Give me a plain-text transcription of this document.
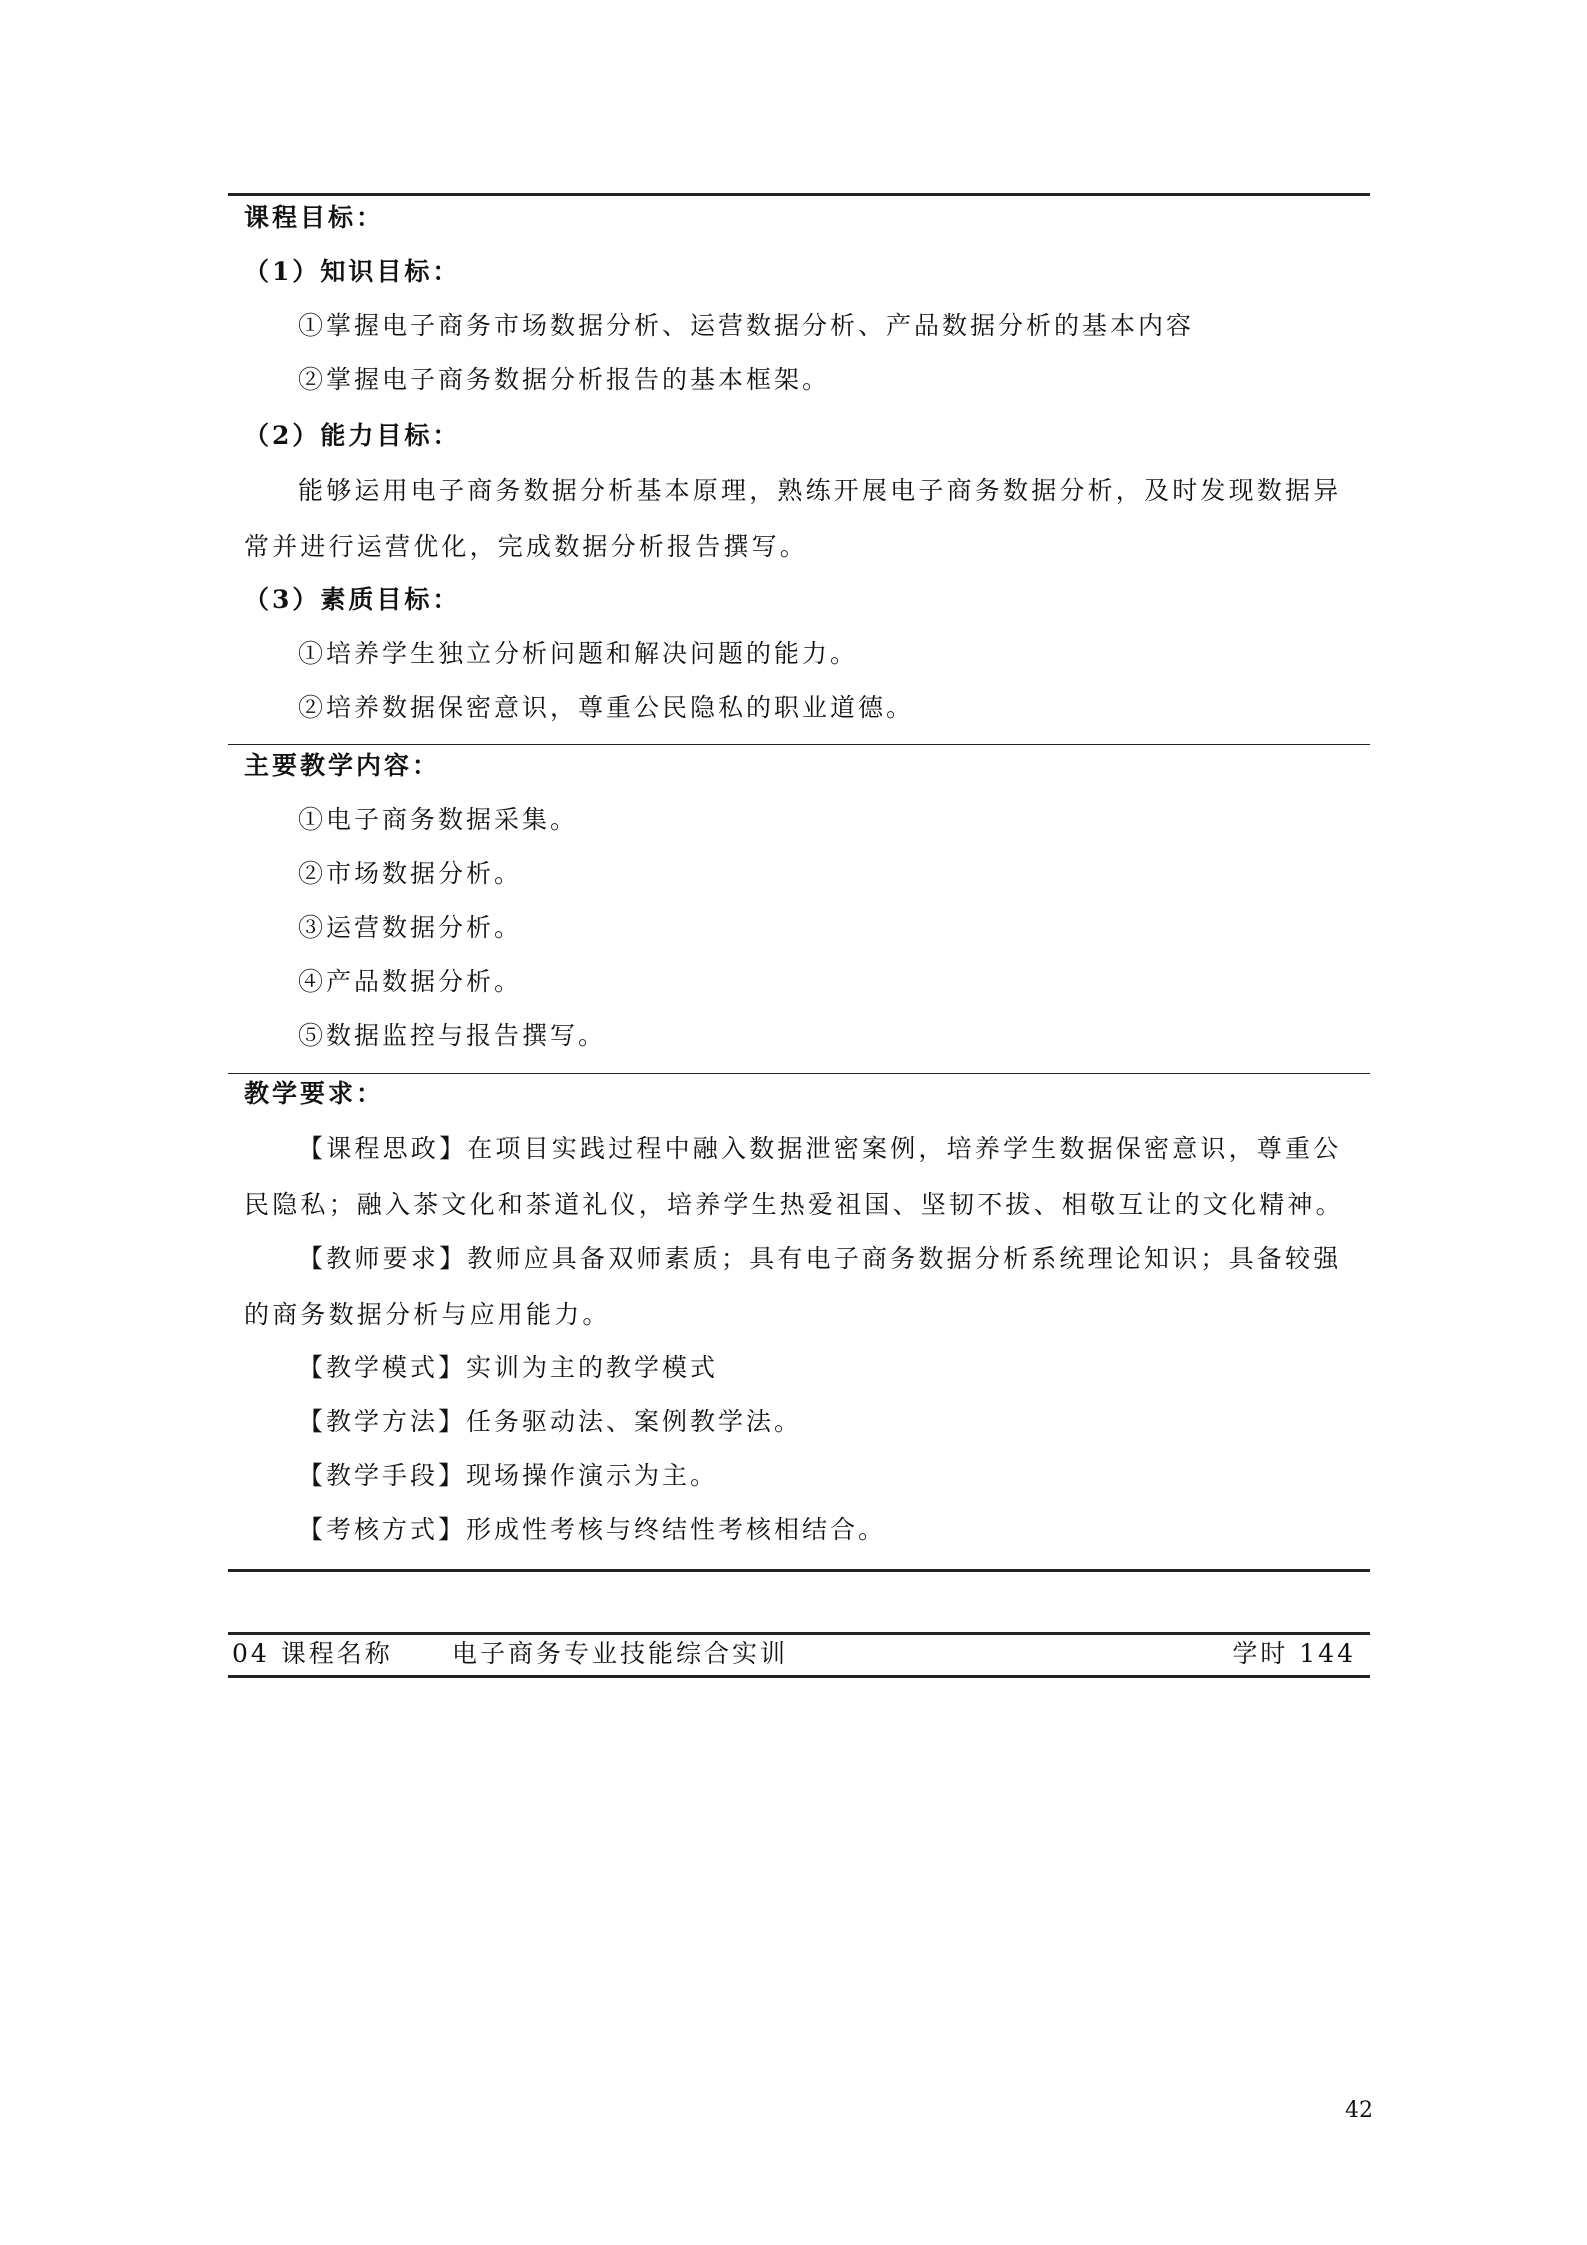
课程目标：
（1）知识目标：
①掌握电子商务市场数据分析、运营数据分析、产品数据分析的基本内容
②掌握电子商务数据分析报告的基本框架。
（2）能力目标：
能够运用电子商务数据分析基本原理，熟练开展电子商务数据分析，及时发现数据异常并进行运营优化，完成数据分析报告撰写。
（3）素质目标：
①培养学生独立分析问题和解决问题的能力。
②培养数据保密意识，尊重公民隐私的职业道德。
主要教学内容：
①电子商务数据采集。
②市场数据分析。
③运营数据分析。
④产品数据分析。
⑤数据监控与报告撰写。
教学要求：
【课程思政】在项目实践过程中融入数据泄密案例，培养学生数据保密意识，尊重公民隐私；融入茶文化和茶道礼仪，培养学生热爱祖国、坚韧不拔、相敬互让的文化精神。
【教师要求】教师应具备双师素质；具有电子商务数据分析系统理论知识；具备较强的商务数据分析与应用能力。
【教学模式】实训为主的教学模式
【教学方法】任务驱动法、案例教学法。
【教学手段】现场操作演示为主。
【考核方式】形成性考核与终结性考核相结合。
04 课程名称 电子商务专业技能综合实训	学时 144
42
